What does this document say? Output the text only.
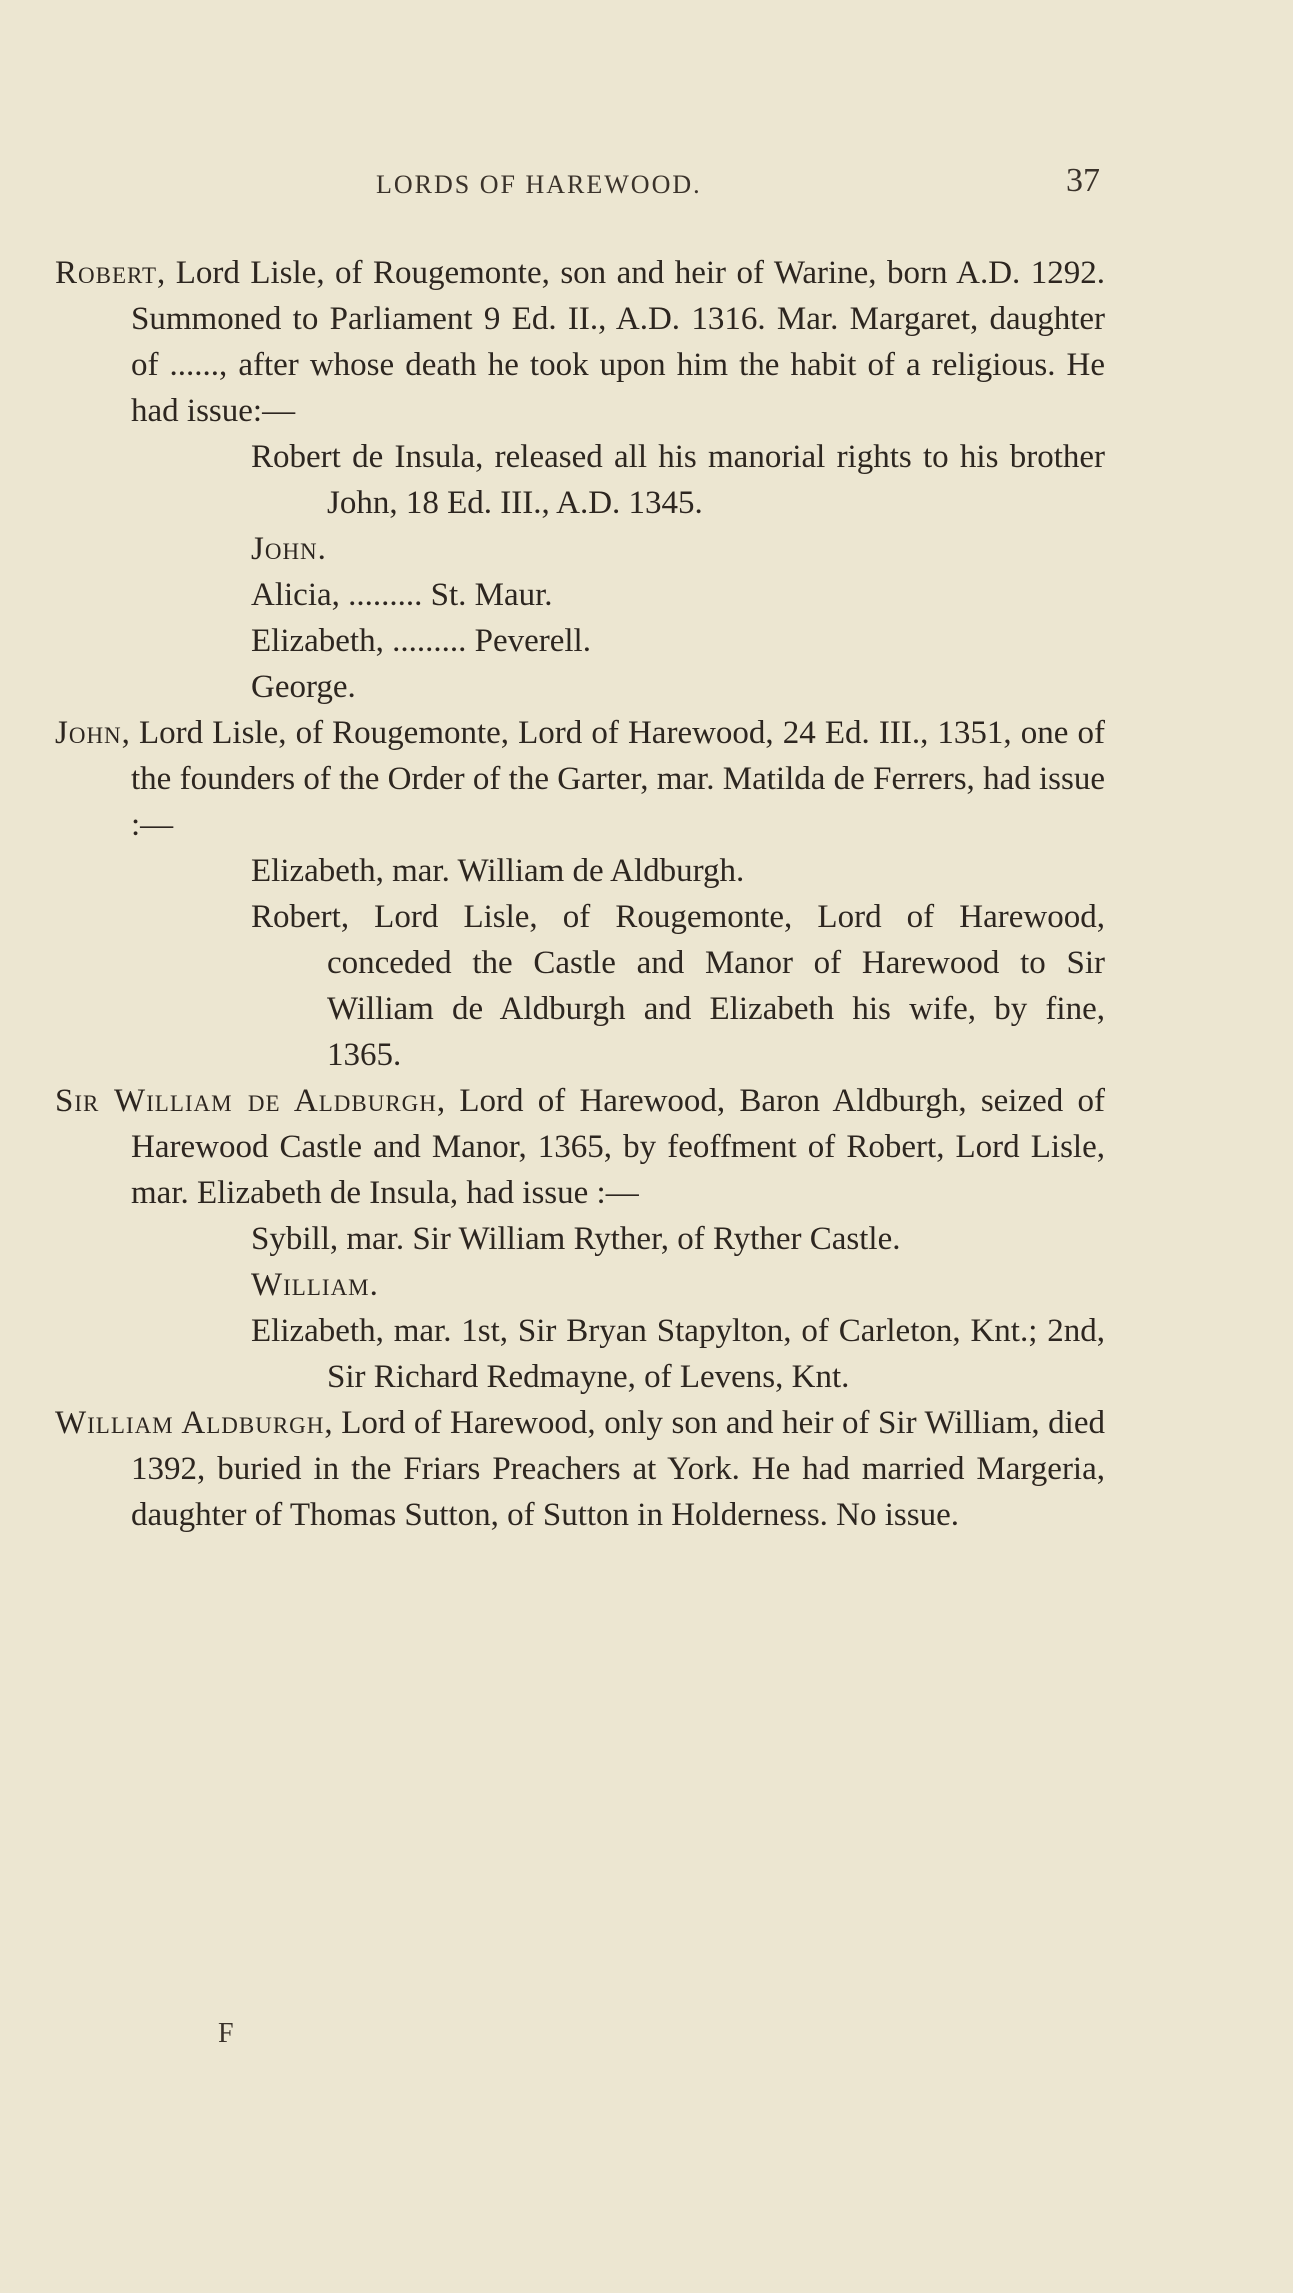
LORDS OF HAREWOOD.	37

Robert, Lord Lisle, of Rougemonte, son and heir of Warine, born A.D. 1292. Summoned to Parliament 9 Ed. II., A.D. 1316. Mar. Margaret, daughter of ......, after whose death he took upon him the habit of a religious. He had issue:—

Robert de Insula, released all his manorial rights to his brother John, 18 Ed. III., A.D. 1345.

John.

Alicia, ......... St. Maur.

Elizabeth, ......... Peverell.

George.

John, Lord Lisle, of Rougemonte, Lord of Harewood, 24 Ed. III., 1351, one of the founders of the Order of the Garter, mar. Matilda de Ferrers, had issue :—

Elizabeth, mar. William de Aldburgh.

Robert, Lord Lisle, of Rougemonte, Lord of Harewood, conceded the Castle and Manor of Harewood to Sir William de Aldburgh and Elizabeth his wife, by fine, 1365.

Sir William de Aldburgh, Lord of Harewood, Baron Aldburgh, seized of Harewood Castle and Manor, 1365, by feoffment of Robert, Lord Lisle, mar. Elizabeth de Insula, had issue :—

Sybill, mar. Sir William Ryther, of Ryther Castle.

William.

Elizabeth, mar. 1st, Sir Bryan Stapylton, of Carleton, Knt.; 2nd, Sir Richard Redmayne, of Levens, Knt.

William Aldburgh, Lord of Harewood, only son and heir of Sir William, died 1392, buried in the Friars Preachers at York. He had married Margeria, daughter of Thomas Sutton, of Sutton in Holderness. No issue.

F
